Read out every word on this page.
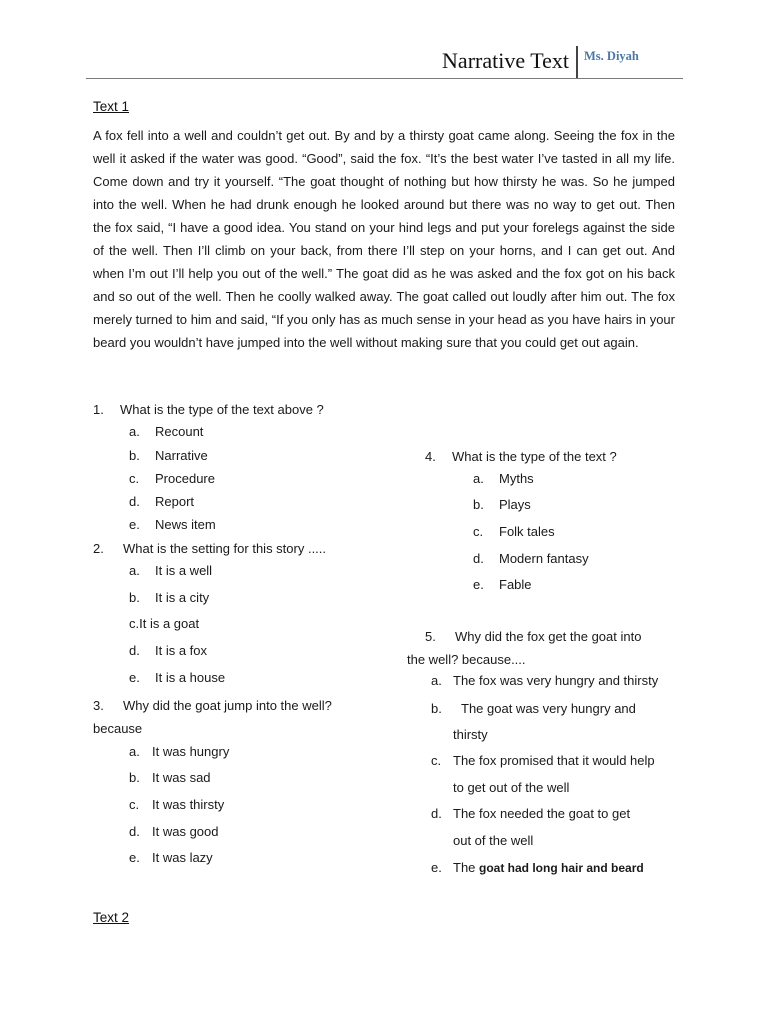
Narrative Text Ms. Diyah
Text 1
A fox fell into a well and couldn’t get out. By and by a thirsty goat came along. Seeing the fox in the well it asked if the water was good. “Good”, said the fox. “It’s the best water I’ve tasted in all my life. Come down and try it yourself. “The goat thought of nothing but how thirsty he was. So he jumped into the well. When he had drunk enough he looked around but there was no way to get out. Then the fox said, “I have a good idea. You stand on your hind legs and put your forelegs against the side of the well. Then I’ll climb on your back, from there I’ll step on your horns, and I can get out. And when I’m out I’ll help you out of the well.” The goat did as he was asked and the fox got on his back and so out of the well. Then he coolly walked away. The goat called out loudly after him out. The fox merely turned to him and said, “If you only has as much sense in your head as you have hairs in your beard you wouldn’t have jumped into the well without making sure that you could get out again.
1. What is the type of the text above ?
a. Recount
b. Narrative
c. Procedure
d. Report
e. News item
2. What is the setting for this story .....
a. It is a well
b. It is a city
c.It is a goat
d. It is a fox
e. It is a house
3. Why did the goat jump into the well?
because
a. It was hungry
b. It was sad
c. It was thirsty
d. It was good
e. It was lazy
4. What is the type of the text ?
a. Myths
b. Plays
c. Folk tales
d. Modern fantasy
e. Fable
5. Why did the fox get the goat into
the well? because....
a. The fox was very hungry and thirsty
b. The goat was very hungry and
thirsty
c. The fox promised that it would help
to get out of the well
d. The fox needed the goat to get
out of the well
e. The goat had long hair and beard
Text 2
